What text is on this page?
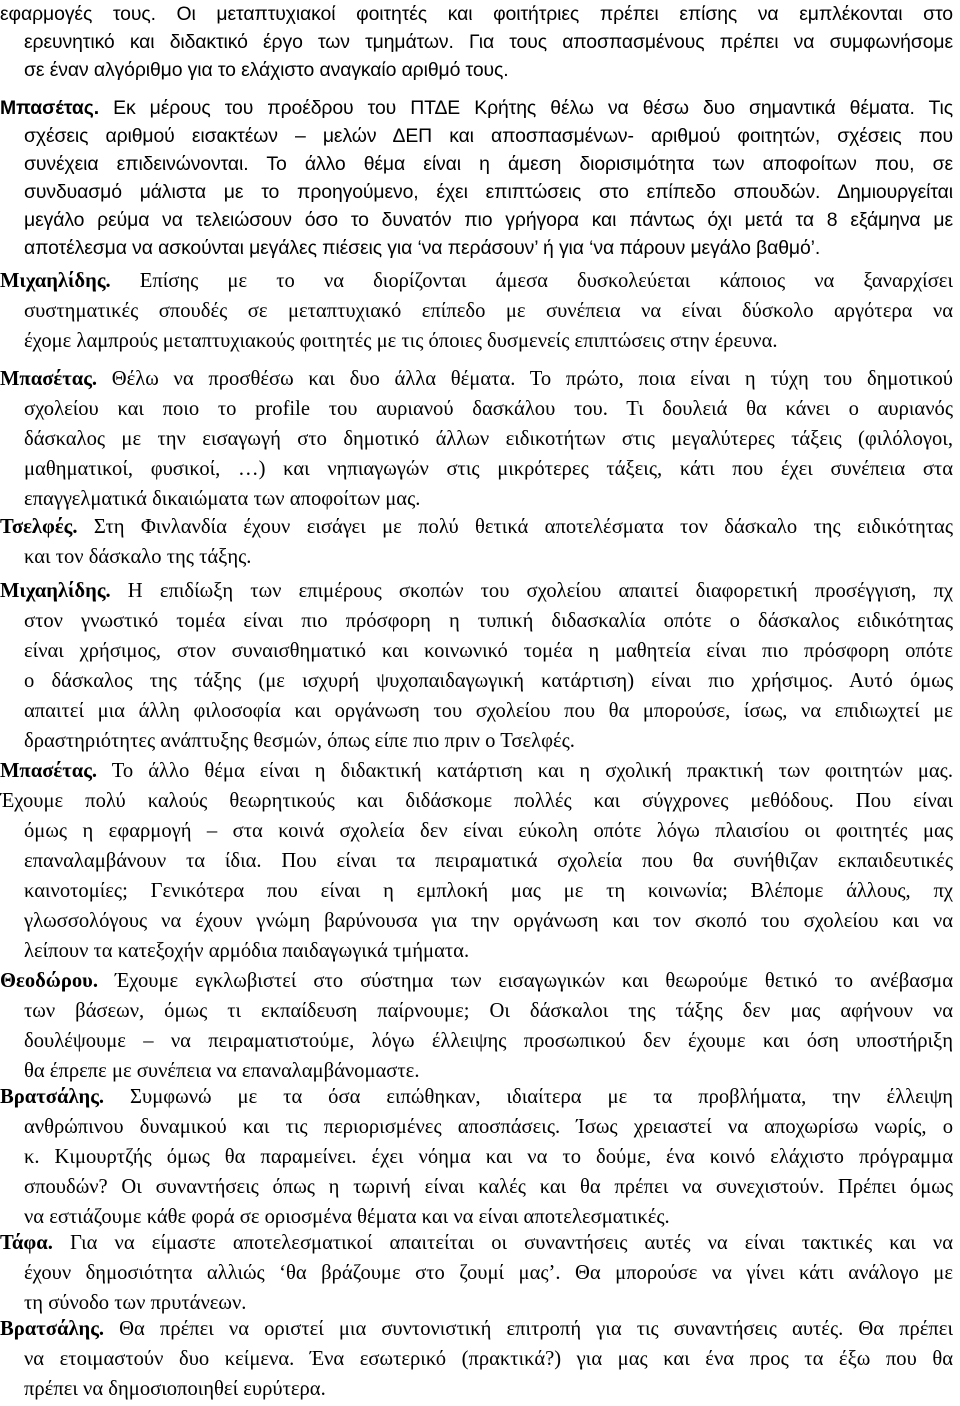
εφαρμογές τους. Οι μεταπτυχιακοί φοιτητές και φοιτήτριες πρέπει επίσης να εμπλέκονται στο
ερευνητικό και διδακτικό έργο των τμημάτων. Για τους αποσπασμένους πρέπει να συμφωνήσομε
σε έναν αλγόριθμο για το ελάχιστο αναγκαίο αριθμό τους.
Μπασέτας. Εκ μέρους του προέδρου του ΠΤΔΕ Κρήτης θέλω να θέσω δυο σημαντικά θέματα. Τις
σχέσεις αριθμού εισακτέων – μελών ΔΕΠ και αποσπασμένων- αριθμού φοιτητών, σχέσεις που
συνέχεια επιδεινώνονται. Το άλλο θέμα είναι η άμεση διορισιμότητα των αποφοίτων που, σε
συνδυασμό μάλιστα με το προηγούμενο, έχει επιπτώσεις στο επίπεδο σπουδών. Δημιουργείται
μεγάλο ρεύμα να τελειώσουν όσο το δυνατόν πιο γρήγορα και πάντως όχι μετά τα 8 εξάμηνα με
αποτέλεσμα να ασκούνται μεγάλες πιέσεις για ‘να περάσουν’ ή για ‘να πάρουν μεγάλο βαθμό’.
Μιχαηλίδης. Επίσης με το να διορίζονται άμεσα δυσκολεύεται κάποιος να ξαναρχίσει
συστηματικές σπουδές σε μεταπτυχιακό επίπεδο με συνέπεια να είναι δύσκολο αργότερα να
έχομε λαμπρούς μεταπτυχιακούς φοιτητές με τις όποιες δυσμενείς επιπτώσεις στην έρευνα.
Μπασέτας. Θέλω να προσθέσω και δυο άλλα θέματα. Το πρώτο, ποια είναι η τύχη του δημοτικού
σχολείου και ποιο το profile του αυριανού δασκάλου του. Τι δουλειά θα κάνει ο αυριανός
δάσκαλος με την εισαγωγή στο δημοτικό άλλων ειδικοτήτων στις μεγαλύτερες τάξεις (φιλόλογοι,
μαθηματικοί, φυσικοί, …) και νηπιαγωγών στις μικρότερες τάξεις, κάτι που έχει συνέπεια στα
επαγγελματικά δικαιώματα των αποφοίτων μας.
Τσελφές. Στη Φινλανδία έχουν εισάγει με πολύ θετικά αποτελέσματα τον δάσκαλο της ειδικότητας
και τον δάσκαλο της τάξης.
Μιχαηλίδης. Η επιδίωξη των επιμέρους σκοπών του σχολείου απαιτεί διαφορετική προσέγγιση, πχ
στον γνωστικό τομέα είναι πιο πρόσφορη η τυπική διδασκαλία οπότε ο δάσκαλος ειδικότητας
είναι χρήσιμος, στον συναισθηματικό και κοινωνικό τομέα η μαθητεία είναι πιο πρόσφορη οπότε
ο δάσκαλος της τάξης (με ισχυρή ψυχοπαιδαγωγική κατάρτιση) είναι πιο χρήσιμος. Αυτό όμως
απαιτεί μια άλλη φιλοσοφία και οργάνωση του σχολείου που θα μπορούσε, ίσως, να επιδιωχτεί με
δραστηριότητες ανάπτυξης θεσμών, όπως είπε πιο πριν ο Τσελφές.
Μπασέτας. Το άλλο θέμα είναι η διδακτική κατάρτιση και η σχολική πρακτική των φοιτητών μας.
Έχουμε πολύ καλούς θεωρητικούς και διδάσκομε πολλές και σύγχρονες μεθόδους. Που είναι
όμως η εφαρμογή – στα κοινά σχολεία δεν είναι εύκολη οπότε λόγω πλαισίου οι φοιτητές μας
επαναλαμβάνουν τα ίδια. Που είναι τα πειραματικά σχολεία που θα συνήθιζαν εκπαιδευτικές
καινοτομίες; Γενικότερα που είναι η εμπλοκή μας με τη κοινωνία; Βλέπομε άλλους, πχ
γλωσσολόγους να έχουν γνώμη βαρύνουσα για την οργάνωση και τον σκοπό του σχολείου και να
λείπουν τα κατεξοχήν αρμόδια παιδαγωγικά τμήματα.
Θεοδώρου. Έχουμε εγκλωβιστεί στο σύστημα των εισαγωγικών και θεωρούμε θετικό το ανέβασμα
των βάσεων, όμως τι εκπαίδευση παίρνουμε; Οι δάσκαλοι της τάξης δεν μας αφήνουν να
δουλέψουμε – να πειραματιστούμε, λόγω έλλειψης προσωπικού δεν έχουμε και όση υποστήριξη
θα έπρεπε με συνέπεια να επαναλαμβάνομαστε.
Βρατσάλης. Συμφωνώ με τα όσα ειπώθηκαν, ιδιαίτερα με τα προβλήματα, την έλλειψη
ανθρώπινου δυναμικού και τις περιορισμένες αποσπάσεις. Ίσως χρειαστεί να αποχωρίσω νωρίς, ο
κ. Κιμουρτζής όμως θα παραμείνει. έχει νόημα και να το δούμε, ένα κοινό ελάχιστο πρόγραμμα
σπουδών? Οι συναντήσεις όπως η τωρινή είναι καλές και θα πρέπει να συνεχιστούν. Πρέπει όμως
να εστιάζουμε κάθε φορά σε οριοσμένα θέματα και να είναι αποτελεσματικές.
Τάφα. Για να είμαστε αποτελεσματικοί απαιτείται οι συναντήσεις αυτές να είναι τακτικές και να
έχουν δημοσιότητα αλλιώς ‘θα βράζουμε στο ζουμί μας’. Θα μπορούσε να γίνει κάτι ανάλογο με
τη σύνοδο των πρυτάνεων.
Βρατσάλης. Θα πρέπει να οριστεί μια συντονιστική επιτροπή για τις συναντήσεις αυτές. Θα πρέπει
να ετοιμαστούν δυο κείμενα. Ένα εσωτερικό (πρακτικά?) για μας και ένα προς τα έξω που θα
πρέπει να δημοσιοποιηθεί ευρύτερα.
